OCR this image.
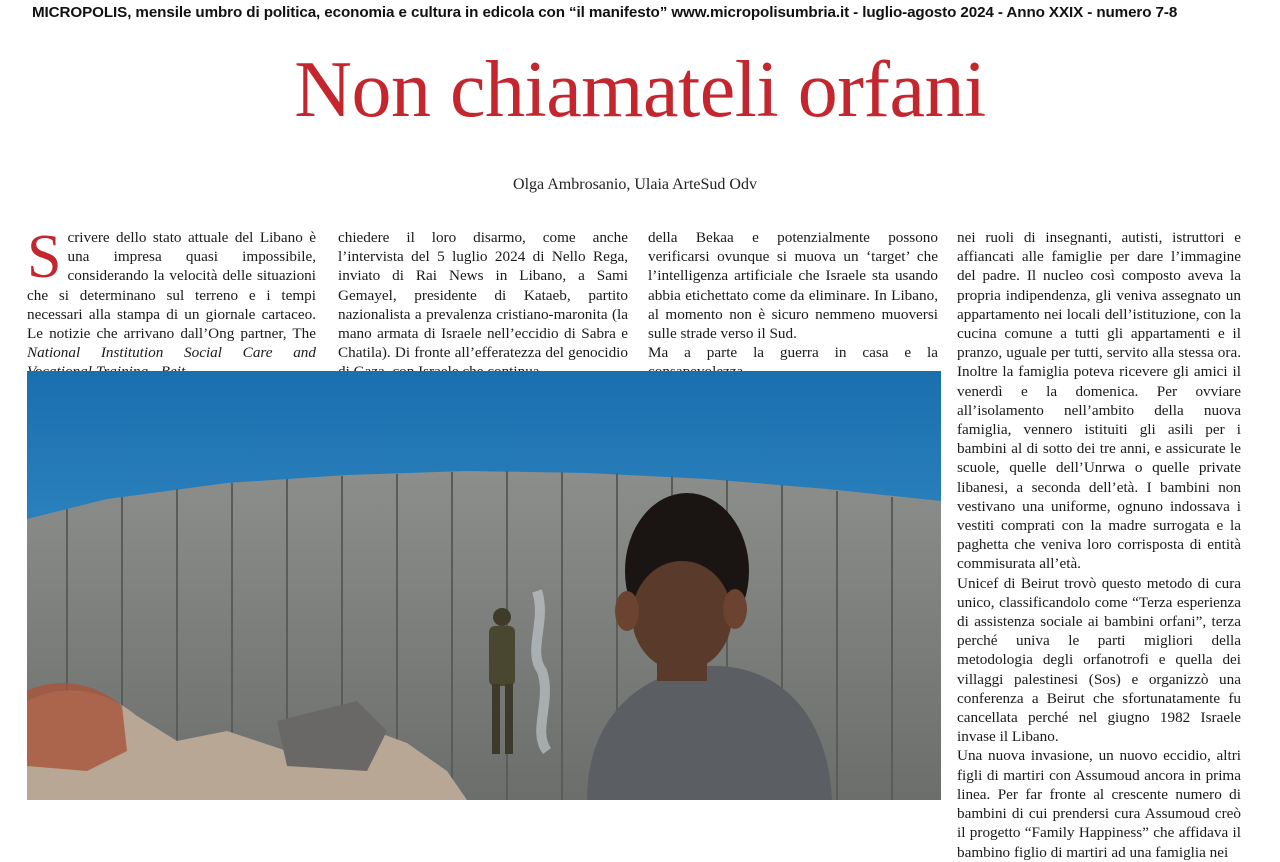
MICROPOLIS, mensile umbro di politica, economia e cultura in edicola con “il manifesto” www.micropolisumbria.it - luglio-agosto 2024 - Anno XXIX - numero 7-8
Non chiamateli orfani
Olga Ambrosanio, Ulaia ArteSud Odv

Scrivere dello stato attuale del Libano è una impresa quasi impossibile, considerando la velocità delle situazioni che si determinano sul terreno e i tempi necessari alla stampa di un giornale cartaceo. Le notizie che arrivano dall’Ong partner, The National Institution Social Care and

chiedere il loro disarmo, come anche l’intervista del 5 luglio 2024 di Nello Rega, inviato di Rai News in Libano, a Sami Gemayel, presidente di Kataeb, partito nazionalista a prevalenza cristiano-maronita (la mano armata di Israele nell’eccidio di Sabra e Chatila). Di fronte all’efferatezza del genocidio

della Bekaa e potenzialmente possono verificarsi ovunque si muova un ‘target’ che l’intelligenza artificiale che Israele sta usando abbia etichettato come da eliminare. In Libano, al momento non è sicuro nemmeno muoversi sulle strade verso il Sud.

Ma a parte la guerra in casa e la

nei ruoli di insegnanti, autisti, istruttori e affiancati alle famiglie per dare l’immagine del padre. Il nucleo così composto aveva la propria indipendenza, gli veniva assegnato un appartamento nei locali dell’istituzione, con la cucina comune a tutti gli appartamenti e il pranzo, uguale per tutti, servito alla stessa ora. Inoltre la famiglia poteva ricevere gli amici il venerdì e la domenica. Per ovviare all’isolamento nell’ambito della nuova famiglia, vennero istituiti gli asili per i bambini al di sotto dei tre anni, e assicurate le scuole, quelle dell’Unrwa o quelle private libanesi, a seconda dell’età. I bambini non vestivano una uniforme, ognuno indossava i vestiti comprati con la madre surrogata e la paghetta che veniva loro corrisposta di entità commisurata all’età.

Unicef di Beirut trovò questo metodo di cura unico, classificandolo come “Terza esperienza di assistenza sociale ai bambini orfani”, terza perché univa le parti migliori della metodologia degli orfanotrofi e quella dei villaggi palestinesi (Sos) e organizzò una conferenza a Beirut che sfortunatamente fu cancellata perché nel giugno 1982 Israele invase il Libano.

Una nuova invasione, un nuovo eccidio, altri figli di martiri con Assumoud ancora in prima linea. Per far fronte al crescente numero di bambini di cui prendersi cura Assumoud creò il progetto “Family Happiness” che affidava il bambino figlio di martiri ad una famiglia nei
